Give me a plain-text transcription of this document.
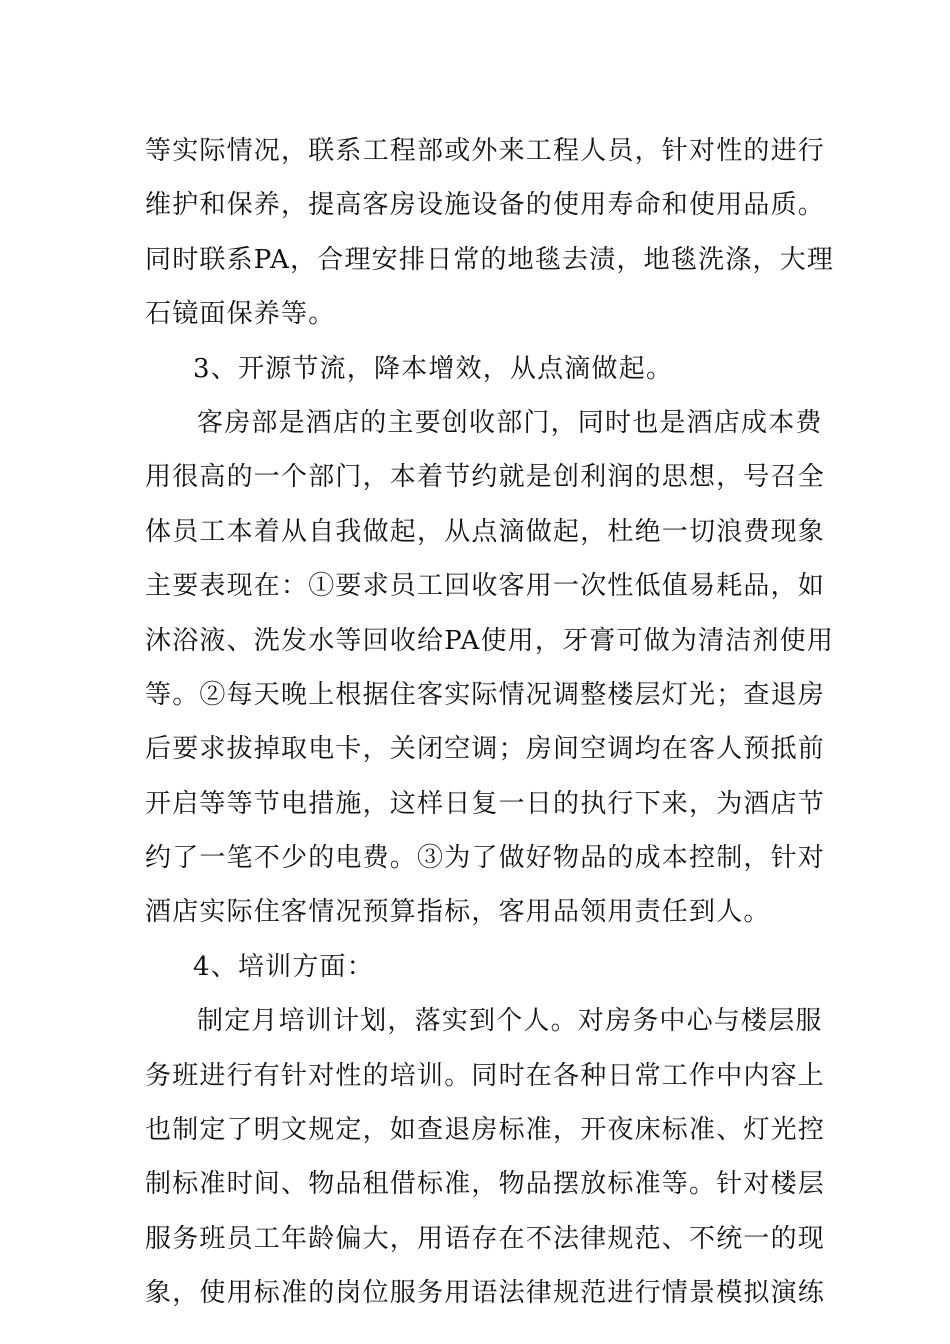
等实际情况，联系工程部或外来工程人员，针对性的进行
维护和保养，提高客房设施设备的使用寿命和使用品质。
同时联系PA，合理安排日常的地毯去渍，地毯洗涤，大理
石镜面保养等。
3、开源节流，降本增效，从点滴做起。
客房部是酒店的主要创收部门，同时也是酒店成本费
用很高的一个部门，本着节约就是创利润的思想，号召全
体员工本着从自我做起，从点滴做起，杜绝一切浪费现象
主要表现在：①要求员工回收客用一次性低值易耗品，如
沐浴液、洗发水等回收给PA使用，牙膏可做为清洁剂使用
等。②每天晚上根据住客实际情况调整楼层灯光；查退房
后要求拔掉取电卡，关闭空调；房间空调均在客人预抵前
开启等等节电措施，这样日复一日的执行下来，为酒店节
约了一笔不少的电费。③为了做好物品的成本控制，针对
酒店实际住客情况预算指标，客用品领用责任到人。
4、培训方面：
制定月培训计划，落实到个人。对房务中心与楼层服
务班进行有针对性的培训。同时在各种日常工作中内容上
也制定了明文规定，如查退房标准，开夜床标准、灯光控
制标准时间、物品租借标准，物品摆放标准等。针对楼层
服务班员工年龄偏大，用语存在不法律规范、不统一的现
象，使用标准的岗位服务用语法律规范进行情景模拟演练
